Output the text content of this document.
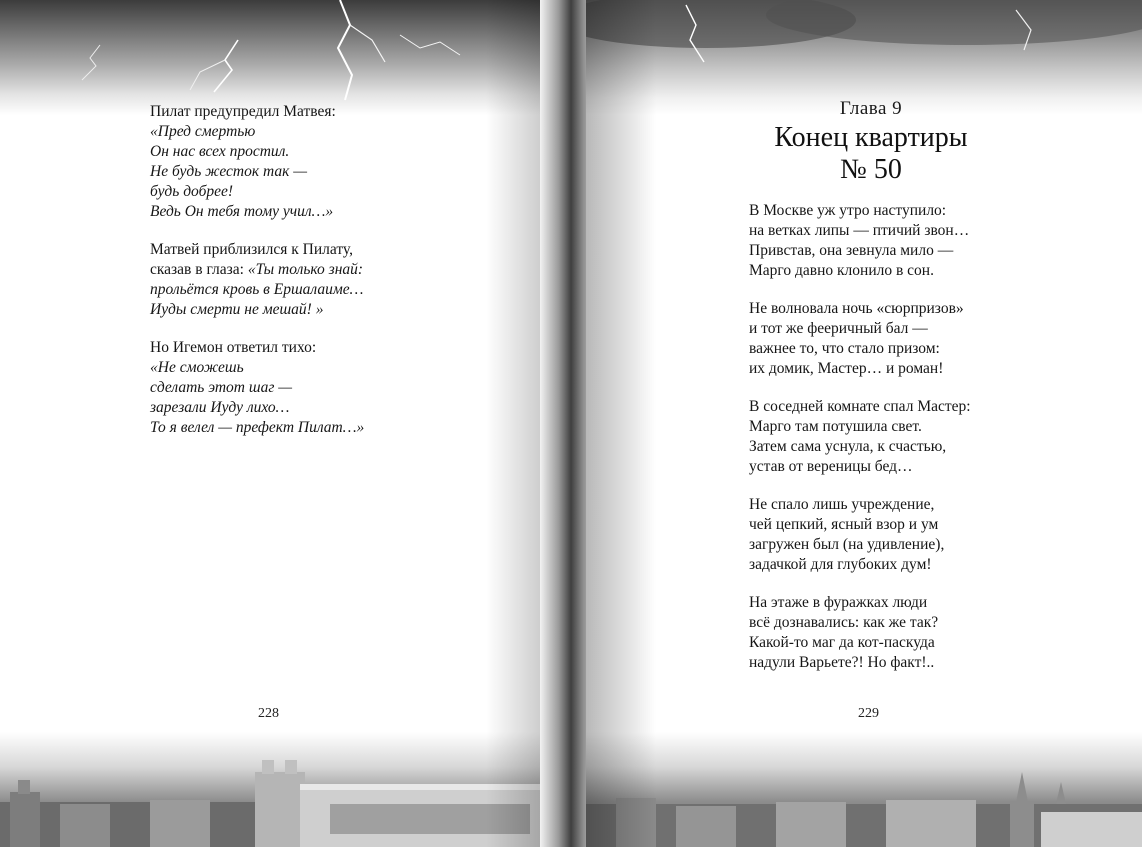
Пилат предупредил Матвея:
«Пред смертью
Он нас всех простил.
Не будь жесток так —
будь добрее!
Ведь Он тебя тому учил…»
Матвей приблизился к Пилату,
сказав в глаза: «Ты только знай:
прольётся кровь в Ершалаиме…
Иуды смерти не мешай! »
Но Игемон ответил тихо:
«Не сможешь
сделать этот шаг —
зарезали Иуду лихо…
То я велел — префект Пилат…»
228
Глава 9
Конец квартиры
№ 50
В Москве уж утро наступило:
на ветках липы — птичий звон…
Привстав, она зевнула мило —
Марго давно клонило в сон.
Не волновала ночь «сюрпризов»
и тот же фееричный бал —
важнее то, что стало призом:
их домик, Мастер… и роман!
В соседней комнате спал Мастер:
Марго там потушила свет.
Затем сама уснула, к счастью,
устав от вереницы бед…
Не спало лишь учреждение,
чей цепкий, ясный взор и ум
загружен был (на удивление),
задачкой для глубоких дум!
На этаже в фуражках люди
всё дознавались: как же так?
Какой-то маг да кот-паскуда
надули Варьете?! Но факт!..
229
